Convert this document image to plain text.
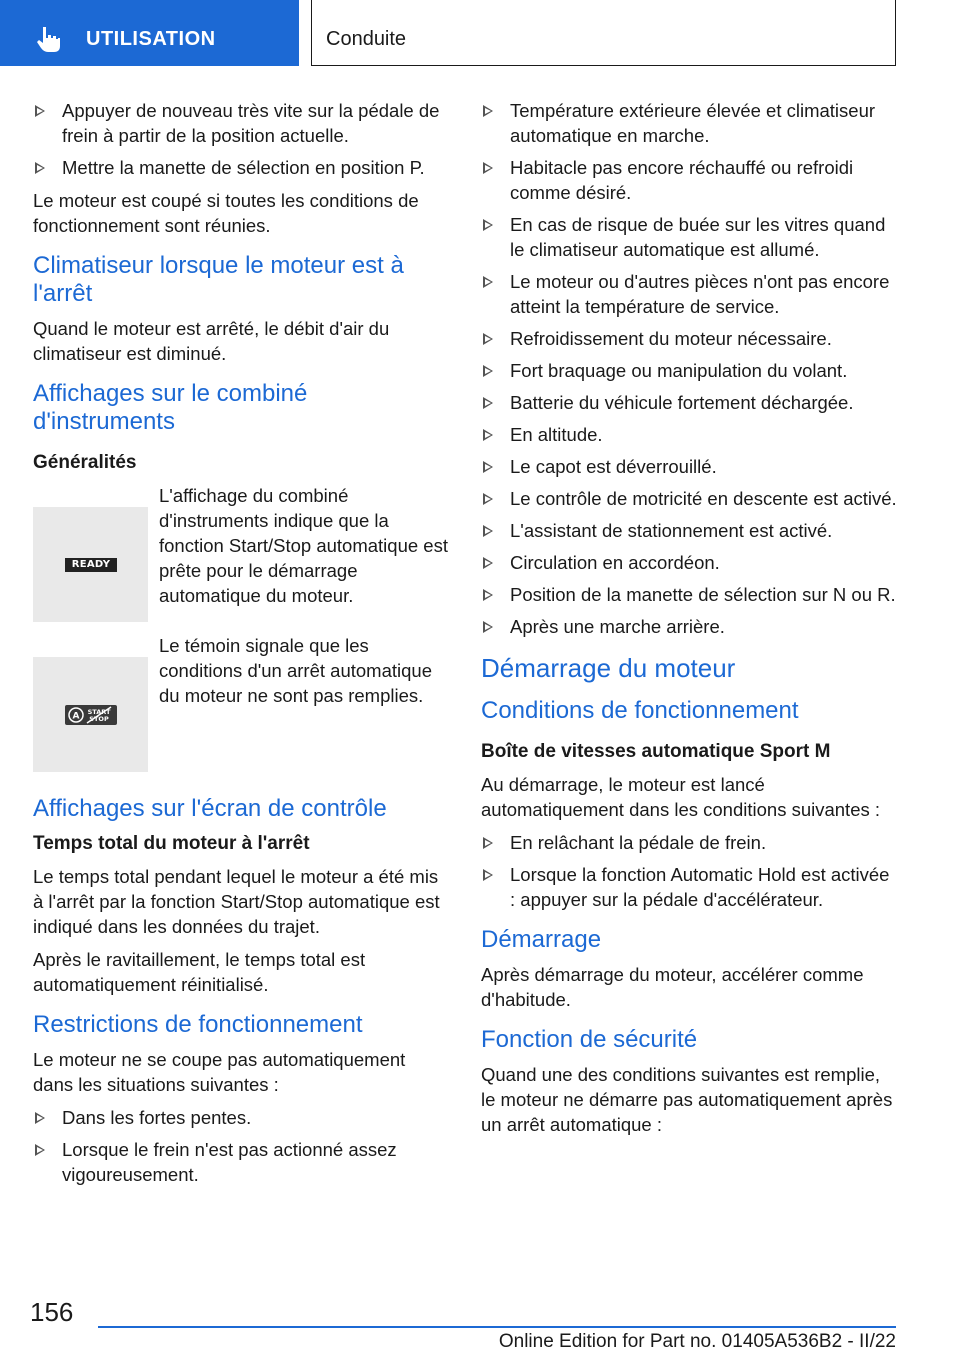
UTILISATION	Conduite
Appuyer de nouveau très vite sur la pédale de frein à partir de la position actuelle.
Mettre la manette de sélection en position P.

Le moteur est coupé si toutes les conditions de fonctionnement sont réunies.

Climatiseur lorsque le moteur est à l'arrêt

Quand le moteur est arrêté, le débit d'air du climatiseur est diminué.

Affichages sur le combiné d'instruments
Généralités
READY
L'affichage du combiné d'instruments indique que la fonction Start/Stop automatique est prête pour le démarrage automatique du moteur.
A START
STOP
Le témoin signale que les conditions d'un arrêt automatique du moteur ne sont pas remplies.
Affichages sur l'écran de contrôle
Temps total du moteur à l'arrêt

Le temps total pendant lequel le moteur a été mis à l'arrêt par la fonction Start/Stop automatique est indiqué dans les données du trajet.

Après le ravitaillement, le temps total est automatiquement réinitialisé.

Restrictions de fonctionnement

Le moteur ne se coupe pas automatiquement dans les situations suivantes :

Dans les fortes pentes.
Lorsque le frein n'est pas actionné assez vigoureusement.
Température extérieure élevée et climatiseur automatique en marche.
Habitacle pas encore réchauffé ou refroidi comme désiré.
En cas de risque de buée sur les vitres quand le climatiseur automatique est allumé.
Le moteur ou d'autres pièces n'ont pas encore atteint la température de service.
Refroidissement du moteur nécessaire.
Fort braquage ou manipulation du volant.
Batterie du véhicule fortement déchargée.
En altitude.
Le capot est déverrouillé.
Le contrôle de motricité en descente est activé.
L'assistant de stationnement est activé.
Circulation en accordéon.
Position de la manette de sélection sur N ou R.
Après une marche arrière.
Démarrage du moteur
Conditions de fonctionnement
Boîte de vitesses automatique Sport M

Au démarrage, le moteur est lancé automatiquement dans les conditions suivantes :

En relâchant la pédale de frein.
Lorsque la fonction Automatic Hold est activée : appuyer sur la pédale d'accélérateur.
Démarrage

Après démarrage du moteur, accélérer comme d'habitude.

Fonction de sécurité

Quand une des conditions suivantes est remplie, le moteur ne démarre pas automatiquement après un arrêt automatique :

156
Online Edition for Part no. 01405A536B2 - II/22
